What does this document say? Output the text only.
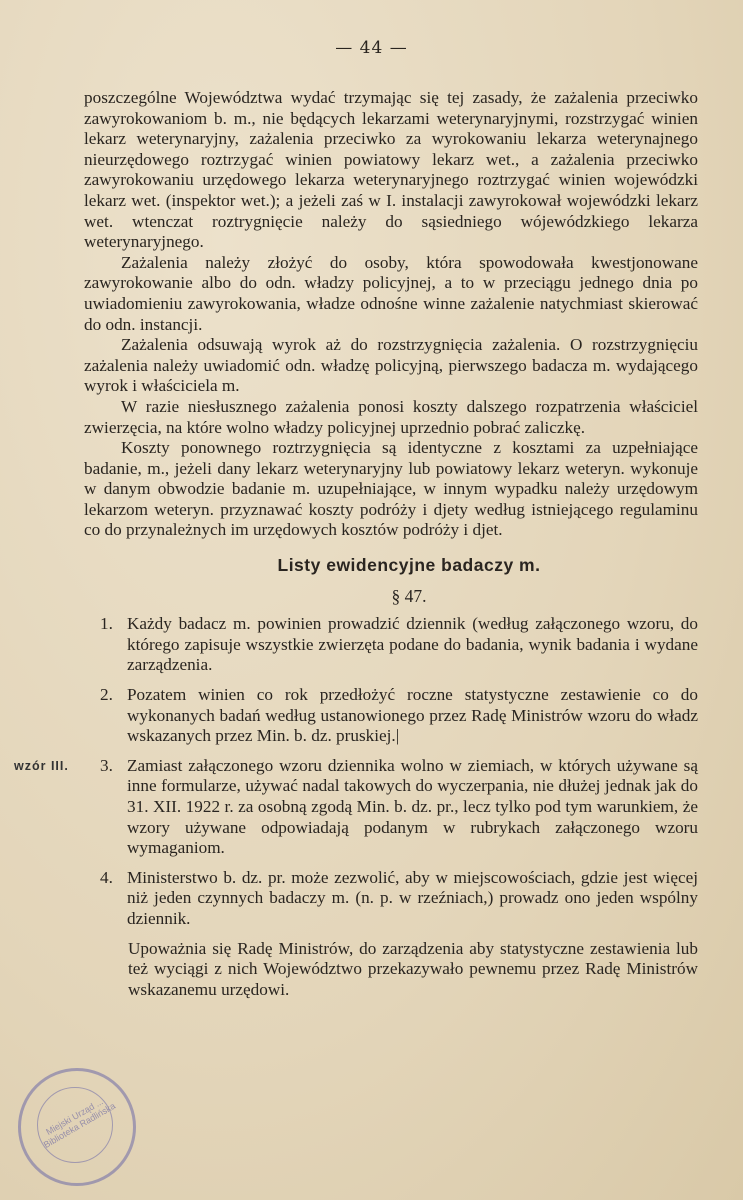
— 44 —
wzór III.

poszczególne Województwa wydać trzymając się tej zasady, że zażalenia przeciwko zawyrokowaniom b. m., nie będących lekarzami weterynaryjnymi, rozstrzygać winien lekarz weterynaryjny, zażalenia przeciwko za wyrokowaniu lekarza weterynajnego nieurzędowego roztrzygać winien powiatowy lekarz wet., a zażalenia przeciwko zawyrokowaniu urzędowego lekarza weterynaryjnego roztrzygać winien wojewódzki lekarz wet. (inspektor wet.); a jeżeli zaś w I. instalacji zawyrokował wojewódzki lekarz wet. wtenczat roztrygnięcie należy do sąsiedniego wójewódzkiego lekarza weterynaryjnego.

Zażalenia należy złożyć do osoby, która spowodowała kwestjonowane zawyrokowanie albo do odn. władzy policyjnej, a to w przeciągu jednego dnia po uwiadomieniu zawyrokowania, władze odnośne winne zażalenie natychmiast skierować do odn. instancji.

Zażalenia odsuwają wyrok aż do rozstrzygnięcia zażalenia. O rozstrzygnięciu zażalenia należy uwiadomić odn. władzę policyjną, pierwszego badacza m. wydającego wyrok i właściciela m.

W razie niesłusznego zażalenia ponosi koszty dalszego rozpatrzenia właściciel zwierzęcia, na które wolno władzy policyjnej uprzednio pobrać zaliczkę.

Koszty ponownego roztrzygnięcia są identyczne z kosztami za uzpełniające badanie, m., jeżeli dany lekarz weterynaryjny lub powiatowy lekarz weteryn. wykonuje w danym obwodzie badanie m. uzupełniające, w innym wypadku należy urzędowym lekarzom weteryn. przyznawać koszty podróży i djety według istniejącego regulaminu co do przynależnych im urzędowych kosztów podróży i djet.

Listy ewidencyjne badaczy m.
§ 47.
1. Każdy badacz m. powinien prowadzić dziennik (według załączonego wzoru, do którego zapisuje wszystkie zwierzęta podane do badania, wynik badania i wydane zarządzenia.
2. Pozatem winien co rok przedłożyć roczne statystyczne zestawienie co do wykonanych badań według ustanowionego przez Radę Ministrów wzoru do władz wskazanych przez Min. b. dz. pruskiej.|
3. Zamiast załączonego wzoru dziennika wolno w ziemiach, w których używane są inne formularze, używać nadal takowych do wyczerpania, nie dłużej jednak jak do 31. XII. 1922 r. za osobną zgodą Min. b. dz. pr., lecz tylko pod tym warunkiem, że wzory używane odpowiadają podanym w rubrykach załączonego wzoru wymaganiom.
4. Ministerstwo b. dz. pr. może zezwolić, aby w miejscowościach, gdzie jest więcej niż jeden czynnych badaczy m. (n. p. w rzeźniach,) prowadz ono jeden wspólny dziennik.

Upoważnia się Radę Ministrów, do zarządzenia aby statystyczne zestawienia lub też wyciągi z nich Województwo przekazywało pewnemu przez Radę Ministrów wskazanemu urzędowi.

Miejski Urząd ... Biblioteka Radlińska
